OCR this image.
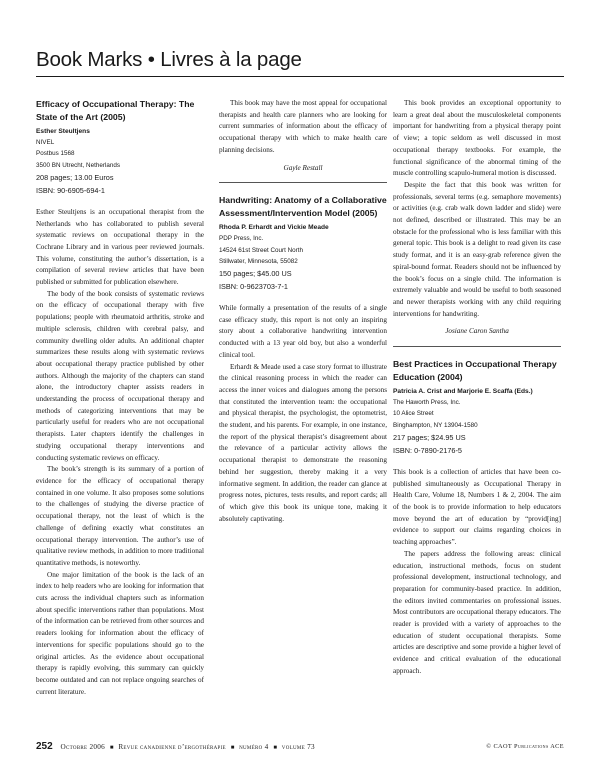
Book Marks • Livres à la page
Efficacy of Occupational Therapy: The State of the Art (2005)
Esther Steultjens
NIVEL
Postbus 1568
3500 BN Utrecht, Netherlands
208 pages; 13.00 Euros
ISBN: 90-6905-694-1

Esther Steultjens is an occupational therapist from the Netherlands who has collaborated to publish several systematic reviews on occupational therapy in the Cochrane Library and in various peer reviewed journals. This volume, constituting the author’s dissertation, is a compilation of several review articles that have been published or submitted for publication elsewhere.

The body of the book consists of systematic reviews on the efficacy of occupational therapy with five populations; people with rheumatoid arthritis, stroke and multiple sclerosis, children with cerebral palsy, and community dwelling older adults. An additional chapter summarizes these results along with systematic reviews about occupational therapy practice published by other authors. Although the majority of the chapters can stand alone, the introductory chapter assists readers in understanding the process of occupational therapy and methods of categorizing interventions that may be particularly useful for readers who are not occupational therapists. Later chapters identify the challenges in studying occupational therapy interventions and conducting systematic reviews on efficacy.

The book’s strength is its summary of a portion of evidence for the efficacy of occupational therapy contained in one volume. It also proposes some solutions to the challenges of studying the diverse practice of occupational therapy, not the least of which is the challenge of defining exactly what constitutes an occupational therapy intervention. The author’s use of qualitative review methods, in addition to more traditional quantitative methods, is noteworthy.

One major limitation of the book is the lack of an index to help readers who are looking for information that cuts across the individual chapters such as information about specific interventions rather than populations. Most of the information can be retrieved from other sources and readers looking for information about the efficacy of interventions for specific populations should go to the original articles. As the evidence about occupational therapy is rapidly evolving, this summary can quickly become outdated and can not replace ongoing searches of current literature.

This book may have the most appeal for occupational therapists and health care planners who are looking for current summaries of information about the efficacy of occupational therapy with which to make health care planning decisions.

Gayle Restall
Handwriting: Anatomy of a Collaborative Assessment/Intervention Model (2005)
Rhoda P. Erhardt and Vickie Meade
PDP Press, Inc.
14524 61st Street Court North
Stillwater, Minnesota, 55082
150 pages; $45.00 US
ISBN: 0-9623703-7-1

While formally a presentation of the results of a single case efficacy study, this report is not only an inspiring story about a collaborative handwriting intervention conducted with a 13 year old boy, but also a wonderful clinical tool.

Erhardt & Meade used a case story format to illustrate the clinical reasoning process in which the reader can access the inner voices and dialogues among the persons that constituted the intervention team: the occupational and physical therapist, the psychologist, the optometrist, the student, and his parents. For example, in one instance, the report of the physical therapist’s disagreement about the relevance of a particular activity allows the occupational therapist to demonstrate the reasoning behind her suggestion, thereby making it a very informative segment. In addition, the reader can glance at progress notes, pictures, tests results, and report cards; all of which give this book its unique tone, making it absolutely captivating.

This book provides an exceptional opportunity to learn a great deal about the musculoskeletal components important for handwriting from a physical therapy point of view; a topic seldom as well discussed in most occupational therapy textbooks. For example, the functional significance of the abnormal timing of the muscle controlling scapulo-humeral motion is discussed.

Despite the fact that this book was written for professionals, several terms (e.g. semaphore movements) or activities (e.g. crab walk down ladder and slide) were not defined, described or illustrated. This may be an obstacle for the professional who is less familiar with this general topic. This book is a delight to read given its case study format, and it is an easy-grab reference given the spiral-bound format. Readers should not be influenced by the book’s focus on a single child. The information is extremely valuable and would be useful to both seasoned and newer therapists working with any child requiring interventions for handwriting.

Josiane Caron Santha
Best Practices in Occupational Therapy Education (2004)
Patricia A. Crist and Marjorie E. Scaffa (Eds.)
The Haworth Press, Inc.
10 Alice Street
Binghampton, NY 13904-1580
217 pages; $24.95 US
ISBN: 0-7890-2176-5

This book is a collection of articles that have been co-published simultaneously as Occupational Therapy in Health Care, Volume 18, Numbers 1 & 2, 2004. The aim of the book is to provide information to help educators move beyond the art of education by “provid[ing] evidence to support our claims regarding choices in teaching approaches”.

The papers address the following areas: clinical education, instructional methods, focus on student professional development, instructional technology, and preparation for community-based practice. In addition, the editors invited commentaries on professional issues. Most contributors are occupational therapy educators. The reader is provided with a variety of approaches to the education of student occupational therapists. Some articles are descriptive and some provide a higher level of evidence and critical evaluation of the educational approach.

252 Octobre 2006 ■ Revue canadienne d’ergothérapie ■ numéro 4 ■ volume 73	© CAOT Publications ACE
